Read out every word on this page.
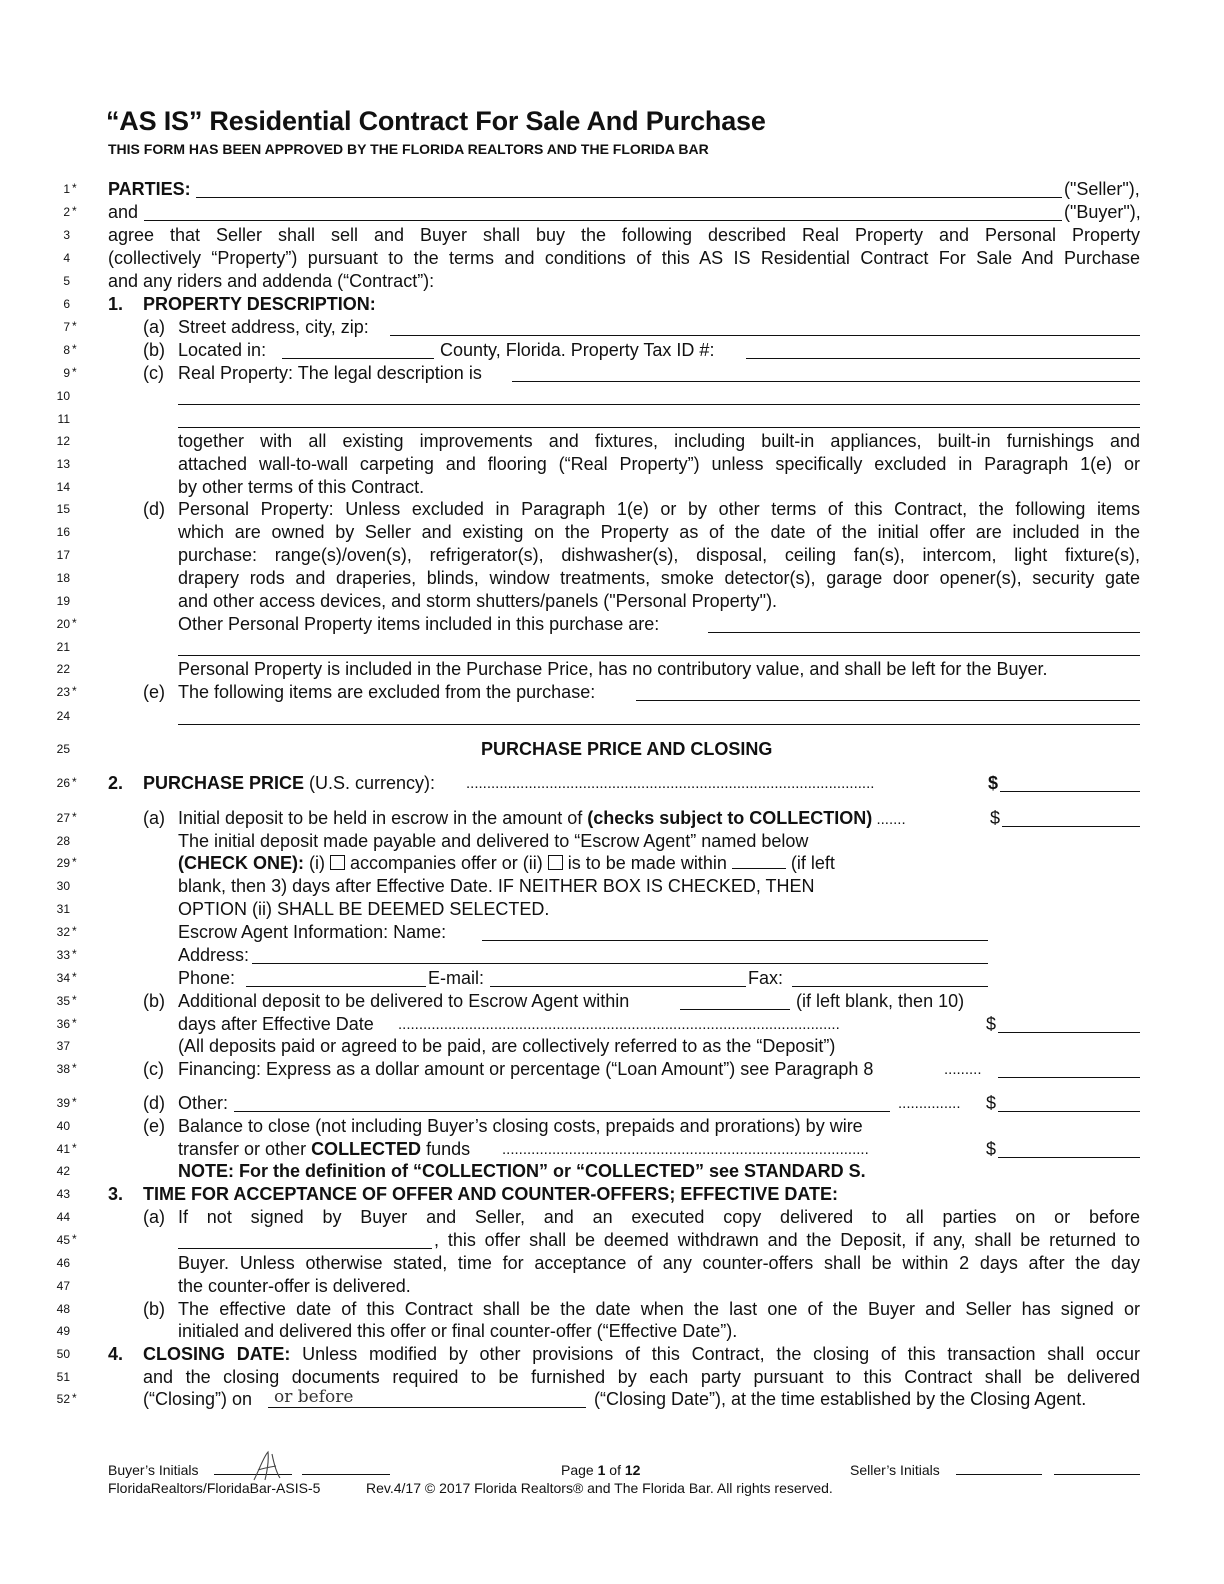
“AS IS” Residential Contract For Sale And Purchase
THIS FORM HAS BEEN APPROVED BY THE FLORIDA REALTORS AND THE FLORIDA BAR
1 * PARTIES:	("Seller"),
2 * and	("Buyer"),
3 agree that Seller shall sell and Buyer shall buy the following described Real Property and Personal Property
4 (collectively “Property”) pursuant to the terms and conditions of this AS IS Residential Contract For Sale And Purchase
5 and any riders and addenda (“Contract”):
6 1. PROPERTY DESCRIPTION:
7 *	(a) Street address, city, zip:
8 *	(b) Located in:	County, Florida. Property Tax ID #:
9 *	(c) Real Property: The legal description is
10
11
12	together with all existing improvements and fixtures, including built-in appliances, built-in furnishings and
13	attached wall-to-wall carpeting and flooring (“Real Property”) unless specifically excluded in Paragraph 1(e) or
14	by other terms of this Contract.
15	(d) Personal Property: Unless excluded in Paragraph 1(e) or by other terms of this Contract, the following items
16	which are owned by Seller and existing on the Property as of the date of the initial offer are included in the
17	purchase: range(s)/oven(s), refrigerator(s), dishwasher(s), disposal, ceiling fan(s), intercom, light fixture(s),
18	drapery rods and draperies, blinds, window treatments, smoke detector(s), garage door opener(s), security gate
19	and other access devices, and storm shutters/panels ("Personal Property").
20 *	Other Personal Property items included in this purchase are:
21
22	Personal Property is included in the Purchase Price, has no contributory value, and shall be left for the Buyer.
23 *	(e) The following items are excluded from the purchase:
24
25	PURCHASE PRICE AND CLOSING
26 * 2. PURCHASE PRICE (U.S. currency): ..................................................................................................	$
27 *	(a) Initial deposit to be held in escrow in the amount of (checks subject to COLLECTION) .......	$
28	The initial deposit made payable and delivered to “Escrow Agent” named below
29 *	(CHECK ONE): (i)  accompanies offer or (ii)  is to be made within	(if left
30	blank, then 3) days after Effective Date. IF NEITHER BOX IS CHECKED, THEN
31	OPTION (ii) SHALL BE DEEMED SELECTED.
32 *	Escrow Agent Information: Name:
33 *	Address:
34 *	Phone:	E-mail:	Fax:
35 *	(b) Additional deposit to be delivered to Escrow Agent within	(if left blank, then 10)
36 *	days after Effective Date ..........................................................................................................	$
37	(All deposits paid or agreed to be paid, are collectively referred to as the “Deposit”)
38 *	(c) Financing: Express as a dollar amount or percentage (“Loan Amount”) see Paragraph 8	.........
39 *	(d) Other:	............... $
40	(e) Balance to close (not including Buyer’s closing costs, prepaids and prorations) by wire
41 *	transfer or other COLLECTED funds ........................................................................................	$
42	NOTE: For the definition of “COLLECTION” or “COLLECTED” see STANDARD S.
43 3. TIME FOR ACCEPTANCE OF OFFER AND COUNTER-OFFERS; EFFECTIVE DATE:
44	(a) If not signed by Buyer and Seller, and an executed copy delivered to all parties on or before
45 *	, this offer shall be deemed withdrawn and the Deposit, if any, shall be returned to
46	Buyer. Unless otherwise stated, time for acceptance of any counter-offers shall be within 2 days after the day
47	the counter-offer is delivered.
48	(b) The effective date of this Contract shall be the date when the last one of the Buyer and Seller has signed or
49	initialed and delivered this offer or final counter-offer (“Effective Date”).
50 4. CLOSING DATE: Unless modified by other provisions of this Contract, the closing of this transaction shall occur
51	and the closing documents required to be furnished by each party pursuant to this Contract shall be delivered
52 *	(“Closing”) on or before	(“Closing Date”), at the time established by the Closing Agent.
Buyer’s Initials	Page 1 of 12	Seller’s Initials
FloridaRealtors/FloridaBar-ASIS-5	Rev.4/17 © 2017 Florida Realtors® and The Florida Bar. All rights reserved.
